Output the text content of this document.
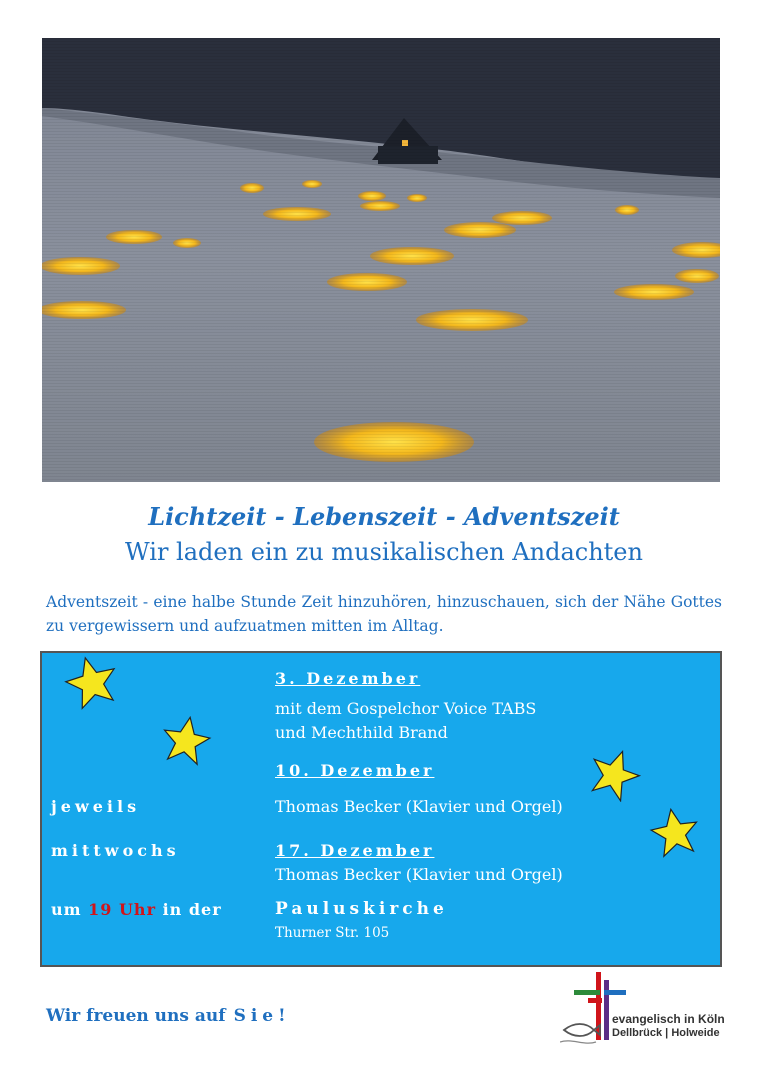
Lichtzeit - Lebenszeit - Adventszeit
Wir laden ein zu musikalischen Andachten
Adventszeit - eine halbe Stunde Zeit hinzuhören, hinzuschauen, sich der Nähe Gottes zu vergewissern und aufzuatmen mitten im Alltag.
3. Dezember
mit dem Gospelchor Voice TABS
und Mechthild Brand
10. Dezember
Thomas Becker (Klavier und Orgel)
17. Dezember
Thomas Becker (Klavier und Orgel)
jeweils
mittwochs
um 19 Uhr in der	Pauluskirche
Thurner Str. 105
Wir freuen uns auf Sie!	evangelisch in Köln
Dellbrück | Holweide
